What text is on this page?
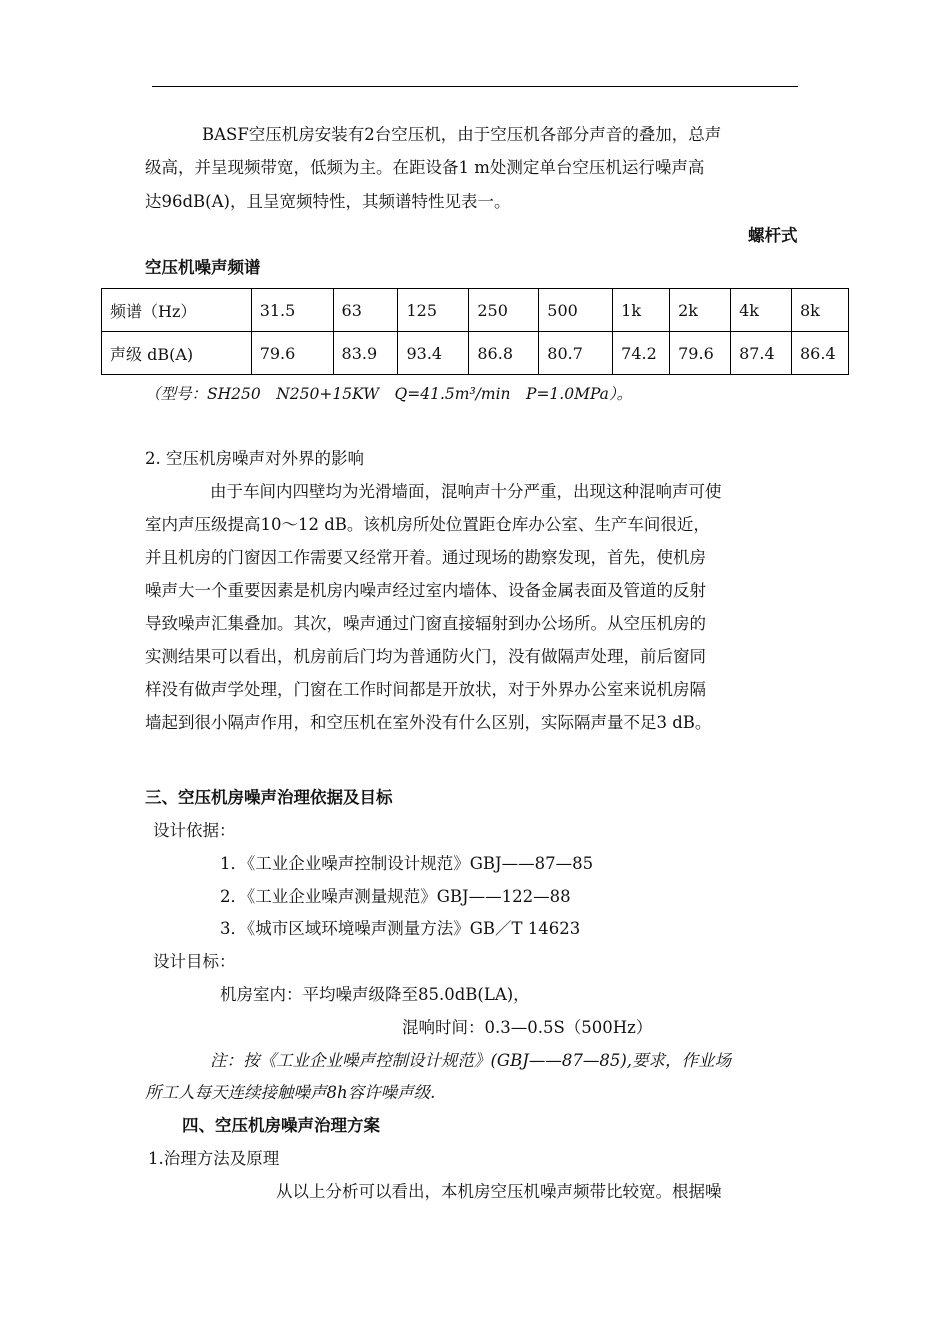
BASF空压机房安装有2台空压机，由于空压机各部分声音的叠加，总声
级高，并呈现频带宽，低频为主。在距设备1 m处测定单台空压机运行噪声高
达96dB(A)，且呈宽频特性，其频谱特性见表一。
螺杆式
空压机噪声频谱
频谱（Hz）	31.5	63	125	250	500	1k	2k	4k	8k
声级 dB(A)	79.6	83.9	93.4	86.8	80.7	74.2	79.6	87.4	86.4
（型号：SH250　N250+15KW　Q=41.5m³/min　P=1.0MPa）。
2. 空压机房噪声对外界的影响
由于车间内四壁均为光滑墙面，混响声十分严重，出现这种混响声可使
室内声压级提高10～12 dB。该机房所处位置距仓库办公室、生产车间很近，
并且机房的门窗因工作需要又经常开着。通过现场的勘察发现，首先，使机房
噪声大一个重要因素是机房内噪声经过室内墙体、设备金属表面及管道的反射
导致噪声汇集叠加。其次，噪声通过门窗直接辐射到办公场所。从空压机房的
实测结果可以看出，机房前后门均为普通防火门，没有做隔声处理，前后窗同
样没有做声学处理，门窗在工作时间都是开放状，对于外界办公室来说机房隔
墙起到很小隔声作用，和空压机在室外没有什么区别，实际隔声量不足3 dB。
三、空压机房噪声治理依据及目标
设计依据：
1．《工业企业噪声控制设计规范》GBJ——87—85
2．《工业企业噪声测量规范》GBJ——122—88
3．《城市区域环境噪声测量方法》GB／T 14623
设计目标：
机房室内：平均噪声级降至85.0dB(LA)，
混响时间：0.3—0.5S（500Hz）
注：按《工业企业噪声控制设计规范》(GBJ——87—85),要求，作业场
所工人每天连续接触噪声8h容许噪声级.
四、空压机房噪声治理方案
1.治理方法及原理
从以上分析可以看出，本机房空压机噪声频带比较宽。根据噪
